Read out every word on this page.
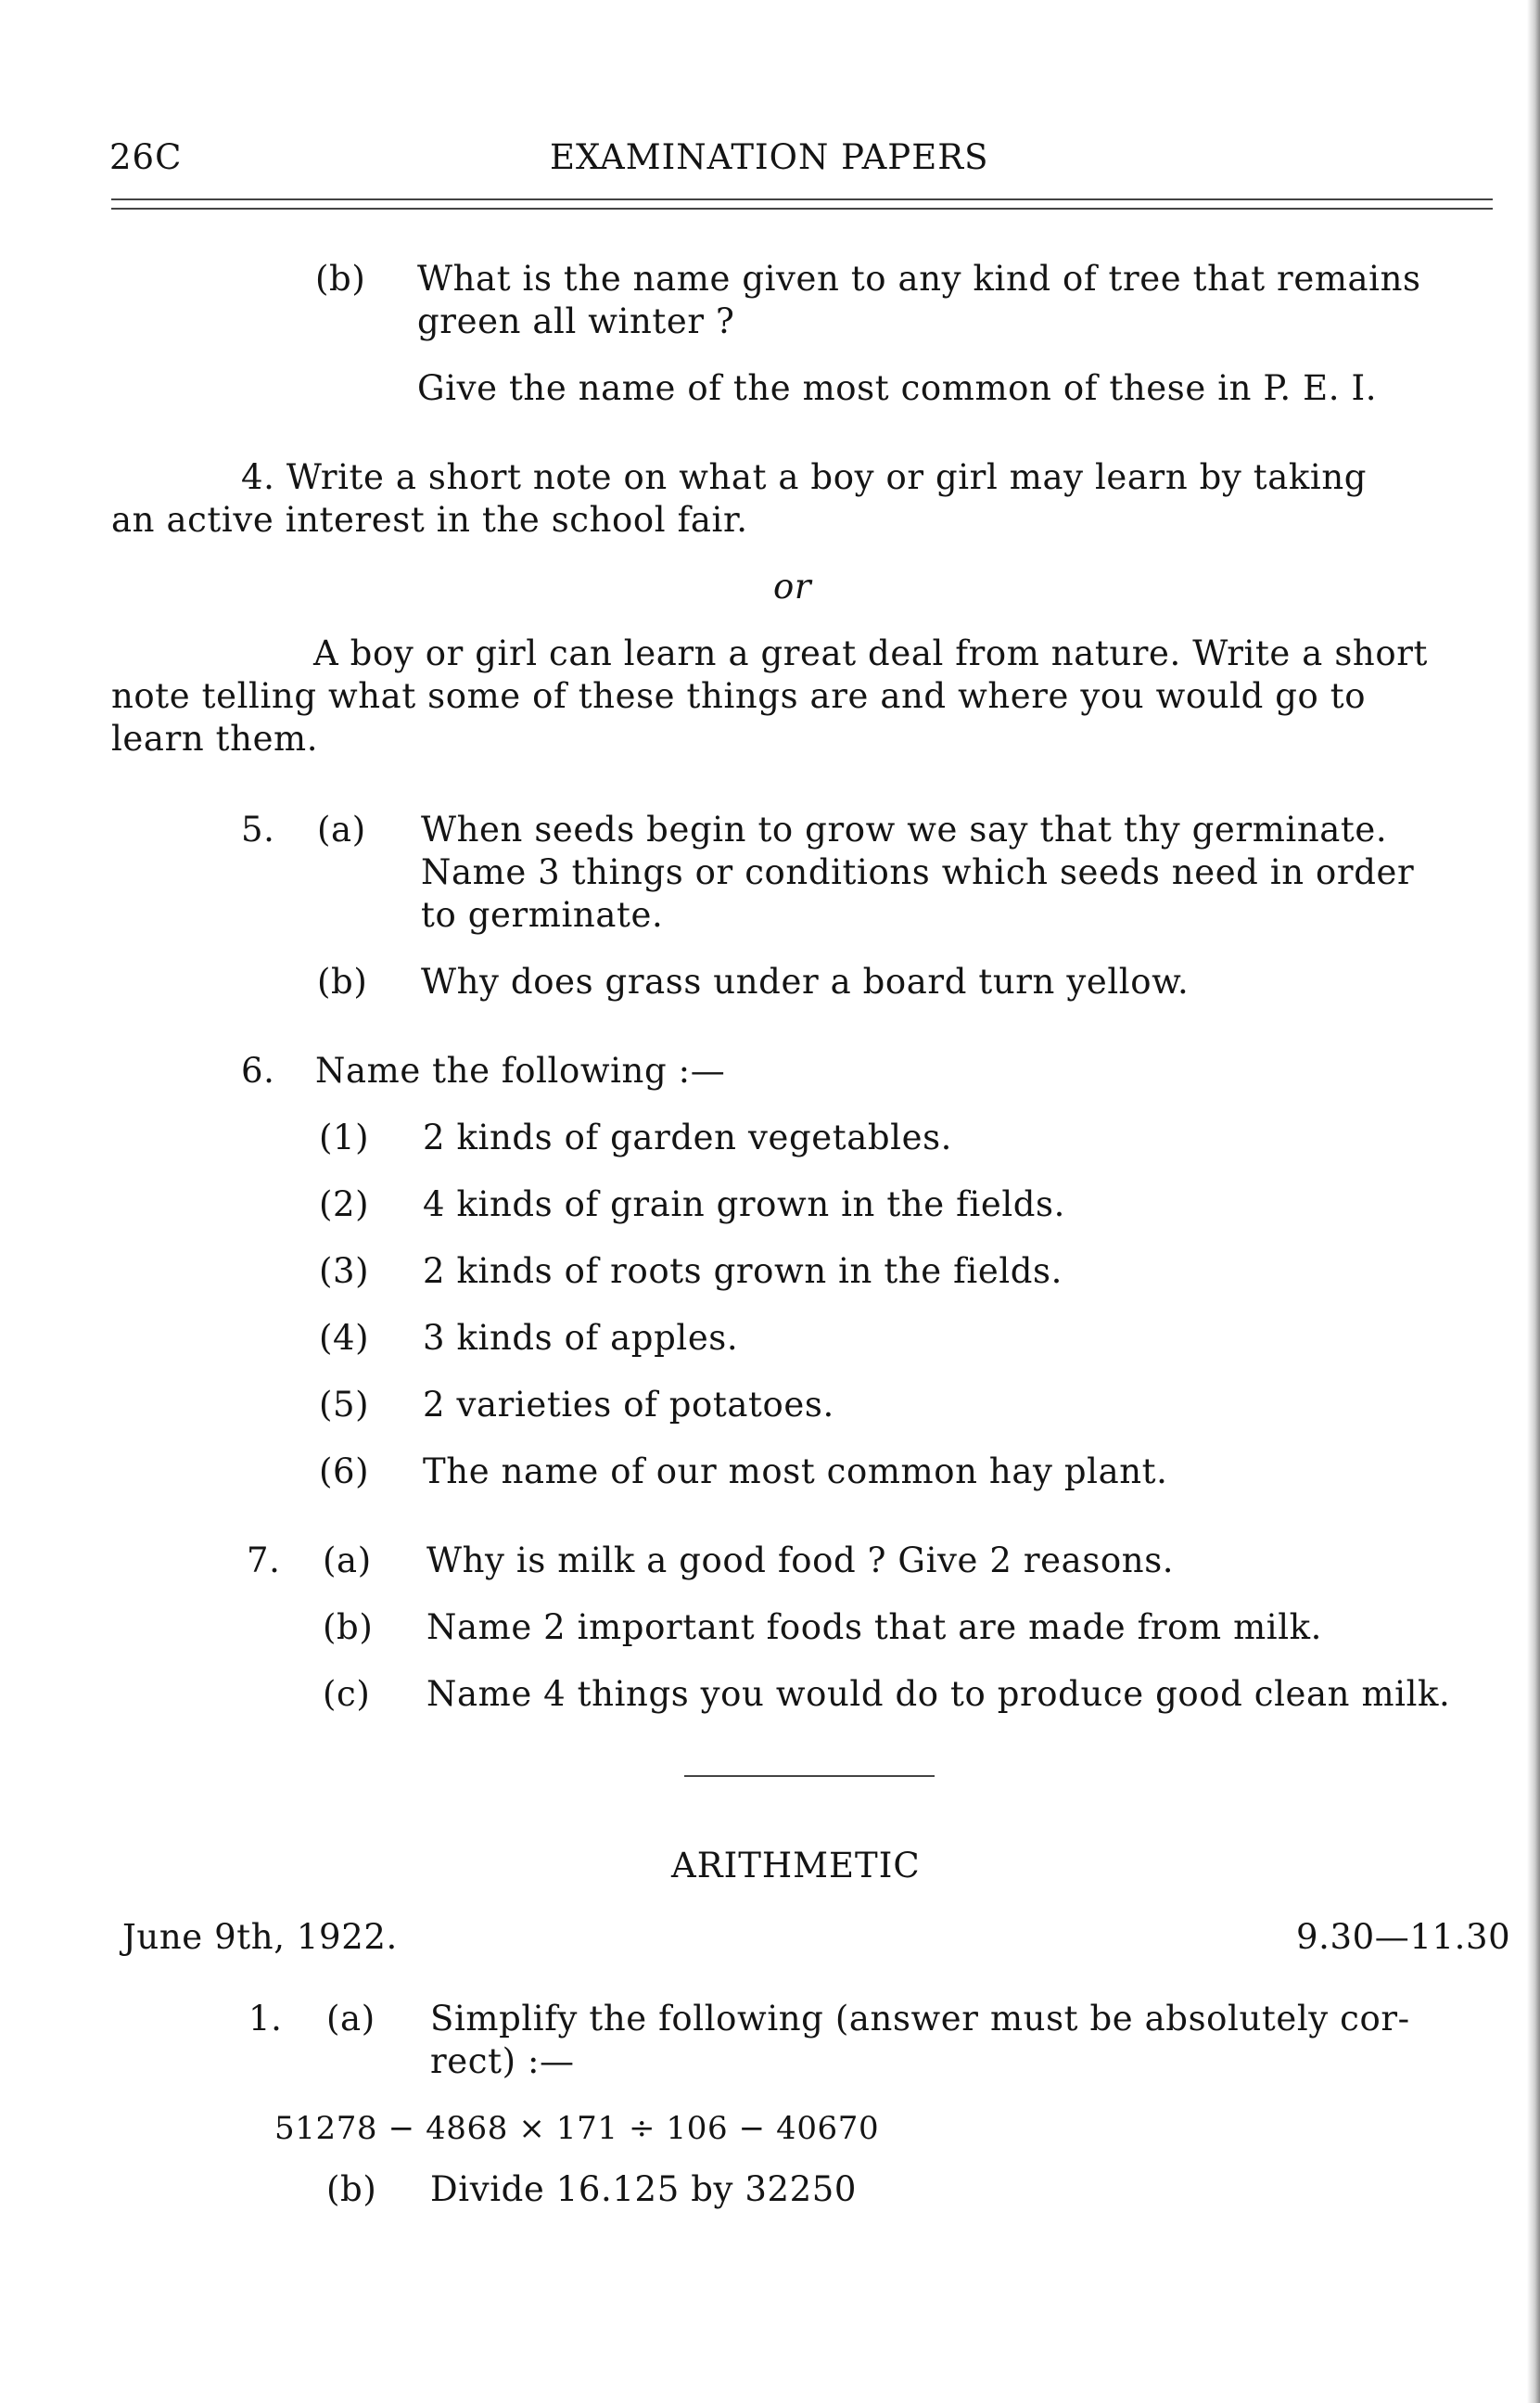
26C	EXAMINATION PAPERS
(b) What is the name given to any kind of tree that remains
green all winter ?
Give the name of the most common of these in P. E. I.
4. Write a short note on what a boy or girl may learn by taking
an active interest in the school fair.
or
A boy or girl can learn a great deal from nature. Write a short
note telling what some of these things are and where you would go to
learn them.
5. (a) When seeds begin to grow we say that thy germinate.
Name 3 things or conditions which seeds need in order
to germinate.
(b) Why does grass under a board turn yellow.
6. Name the following :—
(1) 2 kinds of garden vegetables.
(2) 4 kinds of grain grown in the fields.
(3) 2 kinds of roots grown in the fields.
(4) 3 kinds of apples.
(5) 2 varieties of potatoes.
(6) The name of our most common hay plant.
7. (a) Why is milk a good food ? Give 2 reasons.
(b) Name 2 important foods that are made from milk.
(c) Name 4 things you would do to produce good clean milk.
ARITHMETIC
June 9th, 1922.	9.30—11.30
1. (a) Simplify the following (answer must be absolutely cor-
rect) :—
51278 − 4868 × 171 ÷ 106 − 40670
(b) Divide 16.125 by 32250
